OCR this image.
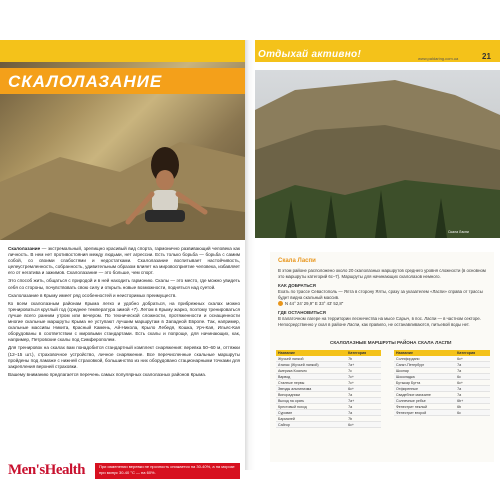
Отдыхай активно!	www.paldaring.com.ua	21
СКАЛОЛАЗАНИЕ
Скала Ласпи

Скалолазание — экстремальный, зрелищно красивый вид спорта, гармонично развивающий человека как личность. В нем нет противостояния между людьми, нет агрессии. Есть только борьба — борьба с самим собой, со своими слабостями и недостатками. Скалолазание воспитывает настойчивость, целеустремленность, собранность, удивительным образом влияет на мировосприятие человека, избавляет его от негатива и зажимов. Скалолазание — это больше, чем спорт.

Это способ жить, общаться с природой и в ней находить гармонию. Скалы — это место, где можно увидеть себя со стороны, почувствовать свою силу и открыть новые возможности, подняться над суетой.

Скалолазание в Крыму имеет ряд особенностей и неисторимых преимуществ.

Ко всем скалолазным районам Крыма легко и удобно добраться, на прибрежных скалах можно тренироваться круглый год (среднее температура зимой +7). Летом в Крыму жарко, поэтому тренироваться лучше всего ранним утром или вечером. По технической сложности, протяженности и оснащенности многие скальные маршруты Крыма не уступают лучшим маршрутам в Западной Европе. Так, например, скальные массивы Никита, Красный Камень, Ай-Никола, Крыло Лебедя, Кошка, Урч-Кая, Ильяс-Кая оборудованы в соответствии с мировыми стандартами. Есть скалы и попроще, для начинающих, как, например, Петровские скалы под Симферополем.

Для тренировок на скалах вам понадобится стандартный комплект снаряжения: веревка 50–60 м, оттяжки (12–15 шт.), страховочное устройство, личное снаряжение. Все перечисленные скальные маршруты пройдены под ламаже с нижней страховкой, большинство из них оборудовано стационарными точками для закрепления верхней страховки.

Вашему вниманию предлагается перечень самых популярных скалолазных районов Крыма.

Men'sHealth	При изменении веревки не прочность снижается на 30-40%, а на морозе при минус 30-40 °C — на 60%.
Скала Ласпи
В этом районе расположено около 20 скалолазных маршрутов среднего уровня сложности (в основном это маршруты категорий 6с–7). Маршруты для начинающих скалолазов немного.
КАК ДОБРАТЬСЯ
Ехать по трассе Севастополь — Ялта в сторону Ялты, сразу за указателем «Ласпи» справа от трассы будет видна скальный массив.
N 44° 24' 29,9" E 33° 43' 52,8"
ГДЕ ОСТАНОВИТЬСЯ
В палаточном лагере на территории лесничества на мысе Сарыч, в пос. Ласпи — в частном секторе. Непосредственно у скал в районе Ласпи, как правило, не останавливаются, питьевой воды нет.
СКАЛОЛАЗНЫЕ МАРШРУТЫ РАЙОНА СКАЛА ЛАСПИ
Название	Категория
Жучьей лапкой	7b
Атанас (Жучьей лапкой)	7а+
Америка Косичек	7с
Варвод	7с+
Сталные нервы	7с+
Звезды альпинизма	6с+
Винорадники	7а
Выход на орать	7а+
Крестовый поход	7а
Суровин	7а
Бармалей	7b
Сайгор	6с+
Название	Категория
Солнфордано	6с+
Санкт-Петербург	7а
Шконар	7а
Шоколадка	6с
Бутыкар Бутта	6с+
Отфиренные	7а
Свадебное магазине	7а
Солнечные ребье	6b+
Фенестрит пеклый	6b
Фенестрит второй	6с
